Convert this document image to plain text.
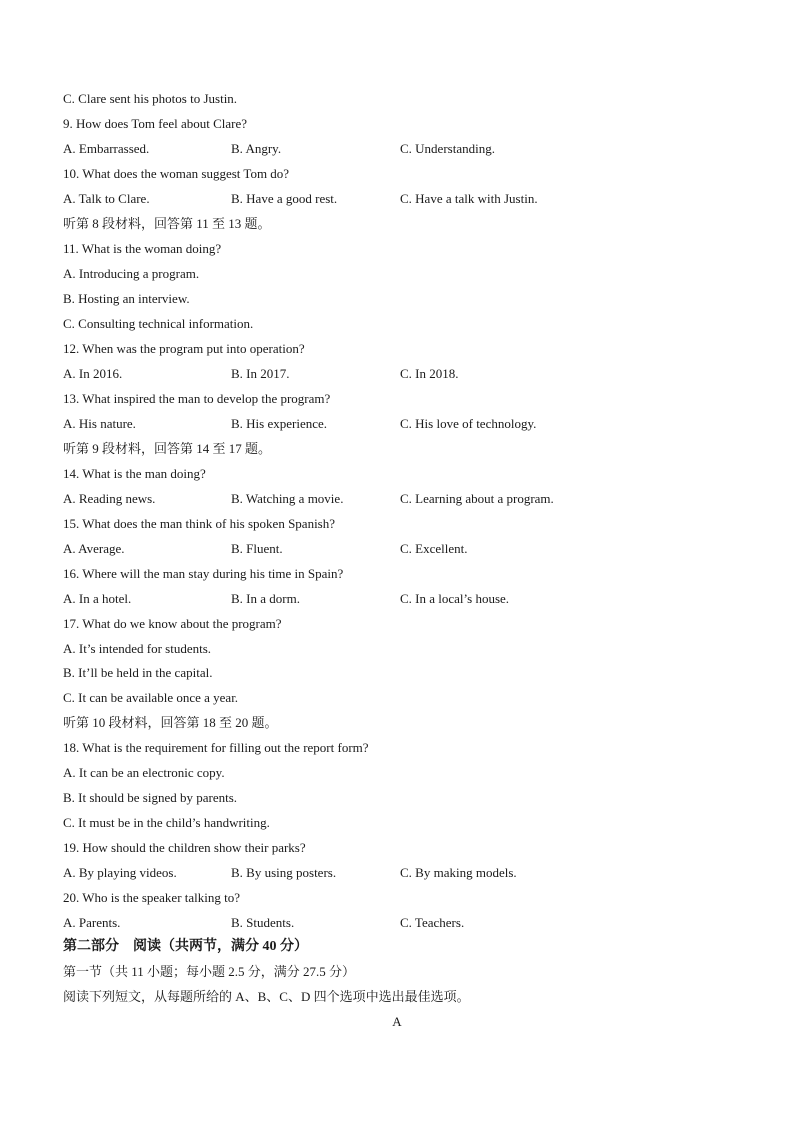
C. Clare sent his photos to Justin.
9. How does Tom feel about Clare?
A. Embarrassed.	B. Angry.	C. Understanding.
10. What does the woman suggest Tom do?
A. Talk to Clare.	B. Have a good rest.	C. Have a talk with Justin.
听第 8 段材料，回答第 11 至 13 题。
11. What is the woman doing?
A. Introducing a program.
B. Hosting an interview.
C. Consulting technical information.
12. When was the program put into operation?
A. In 2016.	B. In 2017.	C. In 2018.
13. What inspired the man to develop the program?
A. His nature.	B. His experience.	C. His love of technology.
听第 9 段材料，回答第 14 至 17 题。
14. What is the man doing?
A. Reading news.	B. Watching a movie.	C. Learning about a program.
15. What does the man think of his spoken Spanish?
A. Average.	B. Fluent.	C. Excellent.
16. Where will the man stay during his time in Spain?
A. In a hotel.	B. In a dorm.	C. In a local’s house.
17. What do we know about the program?
A. It’s intended for students.
B. It’ll be held in the capital.
C. It can be available once a year.
听第 10 段材料，回答第 18 至 20 题。
18. What is the requirement for filling out the report form?
A. It can be an electronic copy.
B. It should be signed by parents.
C. It must be in the child’s handwriting.
19. How should the children show their parks?
A. By playing videos.	B. By using posters.	C. By making models.
20. Who is the speaker talking to?
A. Parents.	B. Students.	C. Teachers.
第二部分　阅读（共两节，满分 40 分）
第一节（共 11 小题；每小题 2.5 分，满分 27.5 分）
阅读下列短文，从每题所给的 A、B、C、D 四个选项中选出最佳选项。
A
